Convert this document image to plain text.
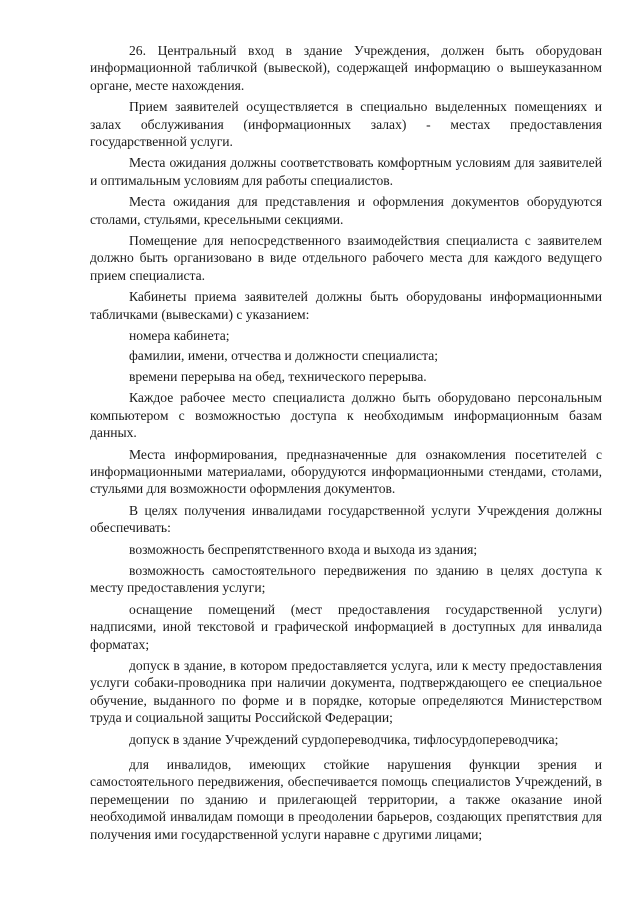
26. Центральный вход в здание Учреждения, должен быть оборудован информационной табличкой (вывеской), содержащей информацию о вышеуказанном органе, месте нахождения.

Прием заявителей осуществляется в специально выделенных помещениях и залах обслуживания (информационных залах) - местах предоставления государственной услуги.

Места ожидания должны соответствовать комфортным условиям для заявителей и оптимальным условиям для работы специалистов.

Места ожидания для представления и оформления документов оборудуются столами, стульями, кресельными секциями.

Помещение для непосредственного взаимодействия специалиста с заявителем должно быть организовано в виде отдельного рабочего места для каждого ведущего прием специалиста.

Кабинеты приема заявителей должны быть оборудованы информационными табличками (вывесками) с указанием:

номера кабинета;

фамилии, имени, отчества и должности специалиста;

времени перерыва на обед, технического перерыва.

Каждое рабочее место специалиста должно быть оборудовано персональным компьютером с возможностью доступа к необходимым информационным базам данных.

Места информирования, предназначенные для ознакомления посетителей с информационными материалами, оборудуются информационными стендами, столами, стульями для возможности оформления документов.

В целях получения инвалидами государственной услуги Учреждения должны обеспечивать:

возможность беспрепятственного входа и выхода из здания;

возможность самостоятельного передвижения по зданию в целях доступа к месту предоставления услуги;

оснащение помещений (мест предоставления государственной услуги) надписями, иной текстовой и графической информацией в доступных для инвалида форматах;

допуск в здание, в котором предоставляется услуга, или к месту предоставления услуги собаки-проводника при наличии документа, подтверждающего ее специальное обучение, выданного по форме и в порядке, которые определяются Министерством труда и социальной защиты Российской Федерации;

допуск в здание Учреждений сурдопереводчика, тифлосурдопереводчика;

для инвалидов, имеющих стойкие нарушения функции зрения и самостоятельного передвижения, обеспечивается помощь специалистов Учреждений, в перемещении по зданию и прилегающей территории, а также оказание иной необходимой инвалидам помощи в преодолении барьеров, создающих препятствия для получения ими государственной услуги наравне с другими лицами;
